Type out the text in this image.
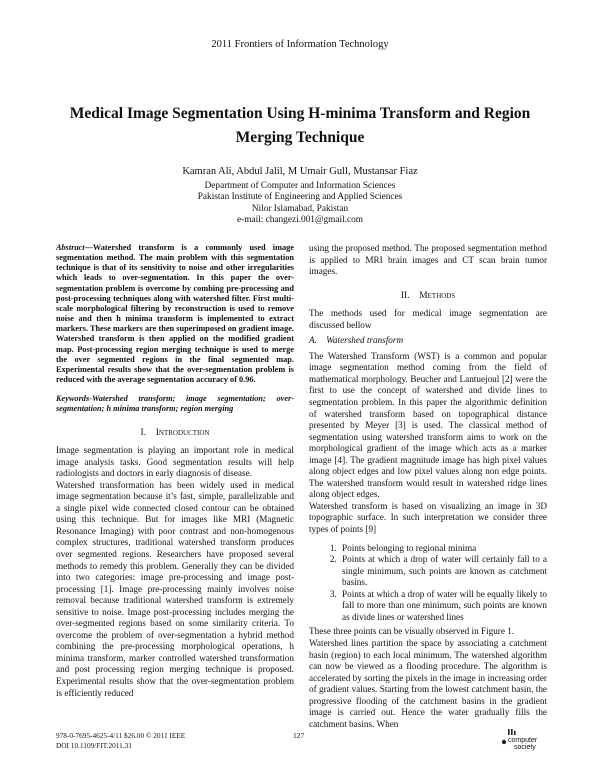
2011 Frontiers of Information Technology
Medical Image Segmentation Using H-minima Transform and Region Merging Technique
Kamran Ali, Abdul Jalil, M Umair Gull, Mustansar Fiaz
Department of Computer and Information Sciences
Pakistan Institute of Engineering and Applied Sciences
Nilor Islamabad, Pakistan
e-mail: changezi.001@gmail.com

Abstract—Watershed transform is a commonly used image segmentation method. The main problem with this segmentation technique is that of its sensitivity to noise and other irregularities which leads to over-segmentation. In this paper the over-segmentation problem is overcome by combing pre-processing and post-processing techniques along with watershed filter. First multi-scale morphological filtering by reconstruction is used to remove noise and then h minima transform is implemented to extract markers. These markers are then superimposed on gradient image. Watershed transform is then applied on the modified gradient map. Post-processing region merging technique is used to merge the over segmented regions in the final segmented map. Experimental results show that the over-segmentation problem is reduced with the average segmentation accuracy of 0.96.

Keywords-Watershed transform; image segmentation; over-segmentation; h minima transform; region merging

I. Introduction

Image segmentation is playing an important role in medical image analysis tasks. Good segmentation results will help radiologists and doctors in early diagnosis of disease.

Watershed transformation has been widely used in medical image segmentation because it’s fast, simple, parallelizable and a single pixel wide connected closed contour can be obtained using this technique. But for images like MRI (Magnetic Resonance Imaging) with poor contrast and non-homogenous complex structures, traditional watershed transform produces over segmented regions. Researchers have proposed several methods to remedy this problem. Generally they can be divided into two categories: image pre-processing and image post-processing [1]. Image pre-processing mainly involves noise removal because traditional watershed transform is extremely sensitive to noise. Image post-processing includes merging the over-segmented regions based on some similarity criteria. To overcome the problem of over-segmentation a hybrid method combining the pre-processing morphological operations, h minima transform, marker controlled watershed transformation and post processing region merging technique is proposed. Experimental results show that the over-segmentation problem is efficiently reduced

using the proposed method. The proposed segmentation method is applied to MRI brain images and CT scan brain tumor images.

II. Methods

The methods used for medical image segmentation are discussed bellow

A. Watershed transform

The Watershed Transform (WST) is a common and popular image segmentation method coming from the field of mathematical morphology. Beucher and Lantuejoul [2] were the first to use the concept of watershed and divide lines to segmentation problem. In this paper the algorithmic definition of watershed transform based on topographical distance presented by Meyer [3] is used. The classical method of segmentation using watershed transform aims to work on the morphological gradient of the image which acts as a marker image [4]. The gradient magnitude image has high pixel values along object edges and low pixel values along non edge points. The watershed transform would result in watershed ridge lines along object edges.

Watershed transform is based on visualizing an image in 3D topographic surface. In such interpretation we consider three types of points [9]

1. Points belonging to regional minima
2. Points at which a drop of water will certainly fall to a single minimum, such points are known as catchment basins.
3. Points at which a drop of water will be equally likely to fall to more than one minimum, such points are known as divide lines or watershed lines

These three points can be visually observed in Figure 1.

Watershed lines partition the space by associating a catchment basin (region) to each local minimum. The watershed algorithm can now be viewed as a flooding procedure. The algorithm is accelerated by sorting the pixels in the image in increasing order of gradient values. Starting from the lowest catchment basin, the progressive flooding of the catchment basins in the gradient image is carried out. Hence the water gradually fills the catchment basins. When

978-0-7695-4625-4/11 $26.00 © 2011 IEEE
DOI 10.1109/FIT.2011.31
127
computer
society
